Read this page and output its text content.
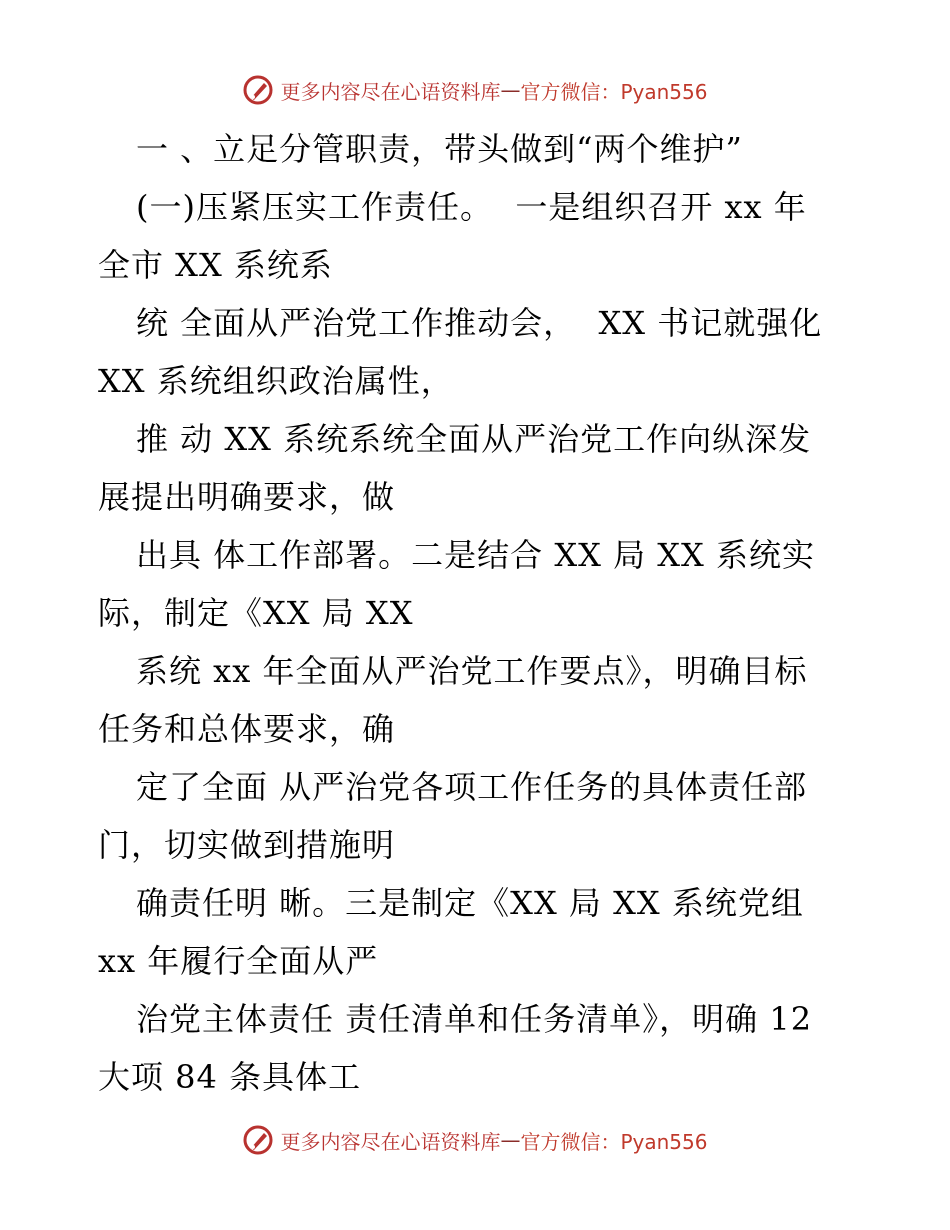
更多内容尽在心语资料库 — 官方微信：Pyan556
一 、立足分管职责，带头做到“两个维护”
(一)压紧压实工作责任。  一是组织召开 xx 年
全市 XX 系统系
统 全面从严治党工作推动会，  XX 书记就强化
XX 系统组织政治属性，
推 动 XX 系统系统全面从严治党工作向纵深发
展提出明确要求，做
出具 体工作部署。二是结合 XX 局 XX 系统实
际，制定《XX 局 XX
系统 xx 年全面从严治党工作要点》，明确目标
任务和总体要求，确
定了全面 从严治党各项工作任务的具体责任部
门，切实做到措施明
确责任明 晰。三是制定《XX 局 XX 系统党组
xx 年履行全面从严
治党主体责任 责任清单和任务清单》，明确 12
大项 84 条具体工
更多内容尽在心语资料库 — 官方微信：Pyan556
